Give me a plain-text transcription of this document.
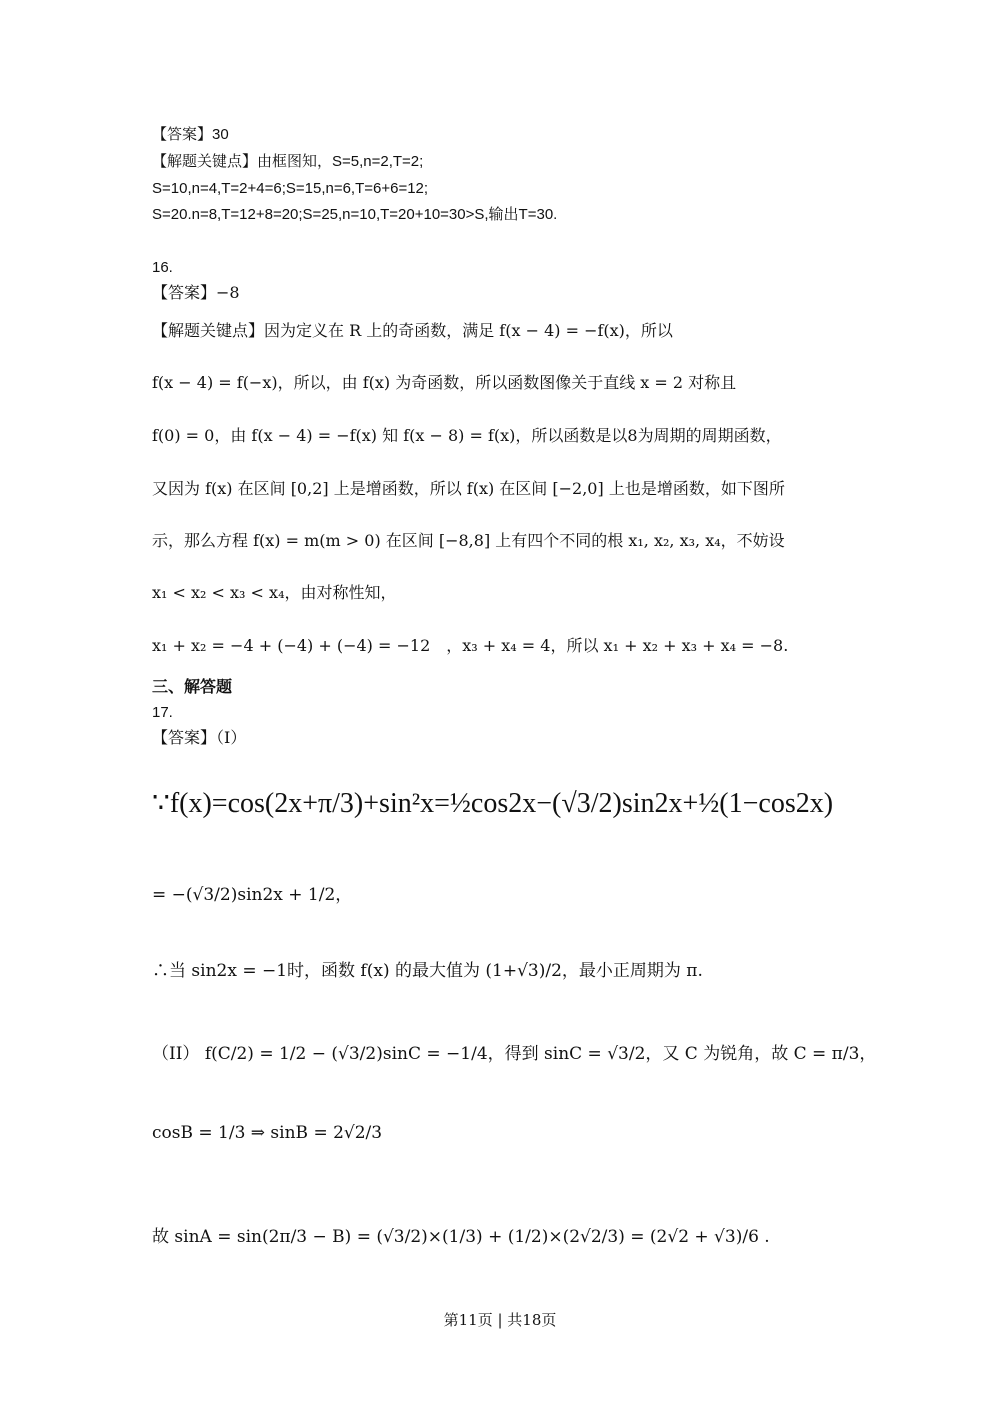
【答案】30
【解题关键点】由框图知，S=5,n=2,T=2;
S=10,n=4,T=2+4=6;S=15,n=6,T=6+6=12;
S=20.n=8,T=12+8=20;S=25,n=10,T=20+10=30>S,输出T=30.
16.
【答案】−8
【解题关键点】因为定义在 R 上的奇函数，满足 f(x − 4) = −f(x)，所以
f(x − 4) = f(−x)，所以，由 f(x) 为奇函数，所以函数图像关于直线 x = 2 对称且
f(0) = 0，由 f(x − 4) = −f(x) 知 f(x − 8) = f(x)，所以函数是以8为周期的周期函数，
又因为 f(x) 在区间 [0,2] 上是增函数，所以 f(x) 在区间 [−2,0] 上也是增函数，如下图所
示，那么方程 f(x) = m(m > 0) 在区间 [−8,8] 上有四个不同的根 x₁, x₂, x₃, x₄，不妨设
x₁ < x₂ < x₃ < x₄，由对称性知，
x₁ + x₂ = −4 + (−4) + (−4) = −12　，x₃ + x₄ = 4，所以 x₁ + x₂ + x₃ + x₄ = −8.
三、解答题
17.
【答案】（I）
∵f(x)=cos(2x+π/3)+sin²x=½cos2x−(√3/2)sin2x+½(1−cos2x)
= −(√3/2)sin2x + 1/2，
∴当 sin2x = −1时，函数 f(x) 的最大值为 (1+√3)/2，最小正周期为 π.
（II） f(C/2) = 1/2 − (√3/2)sinC = −1/4，得到 sinC = √3/2，又 C 为锐角，故 C = π/3，
cosB = 1/3 ⇒ sinB = 2√2/3
故 sinA = sin(2π/3 − B) = (√3/2)×(1/3) + (1/2)×(2√2/3) = (2√2 + √3)/6 .
第11页 | 共18页
